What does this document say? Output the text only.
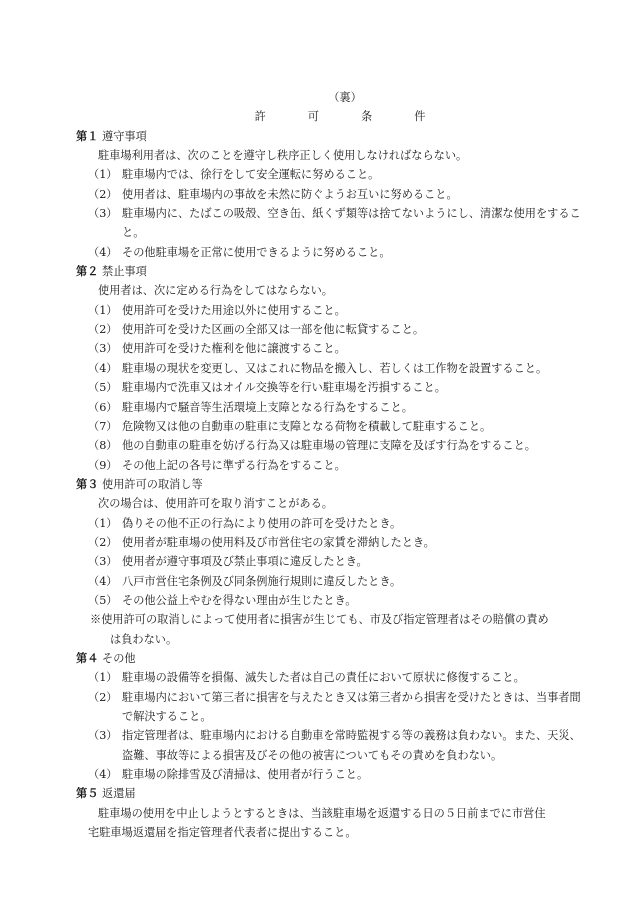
（裏）
許	可	条	件
第１ 遵守事項
駐車場利用者は、次のことを遵守し秩序正しく使用しなければならない。
（1） 駐車場内では、徐行をして安全運転に努めること。
（2） 使用者は、駐車場内の事故を未然に防ぐようお互いに努めること。
（3） 駐車場内に、たばこの吸殻、空き缶、紙くず類等は捨てないようにし、清潔な使用をすること。
（4） その他駐車場を正常に使用できるように努めること。
第２ 禁止事項
使用者は、次に定める行為をしてはならない。
（1） 使用許可を受けた用途以外に使用すること。
（2） 使用許可を受けた区画の全部又は一部を他に転貸すること。
（3） 使用許可を受けた権利を他に譲渡すること。
（4） 駐車場の現状を変更し、又はこれに物品を搬入し、若しくは工作物を設置すること。
（5） 駐車場内で洗車又はオイル交換等を行い駐車場を汚損すること。
（6） 駐車場内で騒音等生活環境上支障となる行為をすること。
（7） 危険物又は他の自動車の駐車に支障となる荷物を積載して駐車すること。
（8） 他の自動車の駐車を妨げる行為又は駐車場の管理に支障を及ぼす行為をすること。
（9） その他上記の各号に準ずる行為をすること。
第３ 使用許可の取消し等
次の場合は、使用許可を取り消すことがある。
（1） 偽りその他不正の行為により使用の許可を受けたとき。
（2） 使用者が駐車場の使用料及び市営住宅の家賃を滞納したとき。
（3） 使用者が遵守事項及び禁止事項に違反したとき。
（4） 八戸市営住宅条例及び同条例施行規則に違反したとき。
（5） その他公益上やむを得ない理由が生じたとき。
※使用許可の取消しによって使用者に損害が生じても、市及び指定管理者はその賠償の責め
は負わない。
第４ その他
（1） 駐車場の設備等を損傷、滅失した者は自己の責任において原状に修復すること。
（2） 駐車場内において第三者に損害を与えたとき又は第三者から損害を受けたときは、当事者間で解決すること。
（3） 指定管理者は、駐車場内における自動車を常時監視する等の義務は負わない。また、天災、盗難、事故等による損害及びその他の被害についてもその責めを負わない。
（4） 駐車場の除排雪及び清掃は、使用者が行うこと。
第５ 返還届
駐車場の使用を中止しようとするときは、当該駐車場を返還する日の５日前までに市営住
宅駐車場返還届を指定管理者代表者に提出すること。
